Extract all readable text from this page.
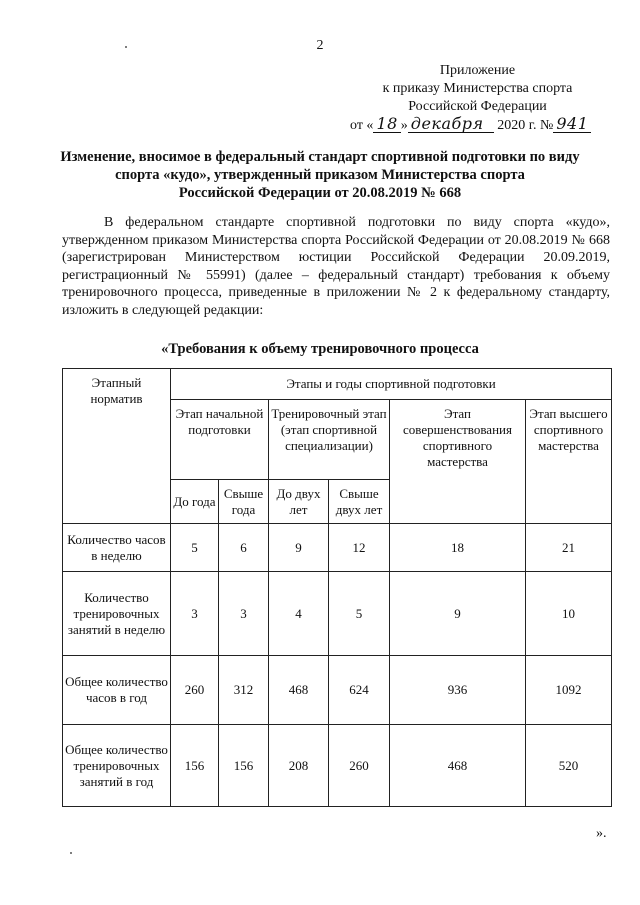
2
Приложение
к приказу Министерства спорта
Российской Федерации
от « 18 » декабря 2020 г. № 941
Изменение, вносимое в федеральный стандарт спортивной подготовки по виду
спорта «кудо», утвержденный приказом Министерства спорта
Российской Федерации от 20.08.2019 № 668

В федеральном стандарте спортивной подготовки по виду спорта «кудо», утвержденном приказом Министерства спорта Российской Федерации от 20.08.2019 № 668 (зарегистрирован Министерством юстиции Российской Федерации 20.09.2019, регистрационный № 55991) (далее – федеральный стандарт) требования к объему тренировочного процесса, приведенные в приложении № 2 к федеральному стандарту, изложить в следующей редакции:

«Требования к объему тренировочного процесса
Этапный норматив	Этапы и годы спортивной подготовки					
	Этап начальной подготовки		Тренировочный этап (этап спортивной специализации)		Этап совершенствования спортивного мастерства	Этап высшего спортивного мастерства
	До года	Свыше года	До двух лет	Свыше двух лет		
Количество часов в неделю	5	6	9	12	18	21
Количество тренировочных занятий в неделю	3	3	4	5	9	10
Общее количество часов в год	260	312	468	624	936	1092
Общее количество тренировочных занятий в год	156	156	208	260	468	520
».
